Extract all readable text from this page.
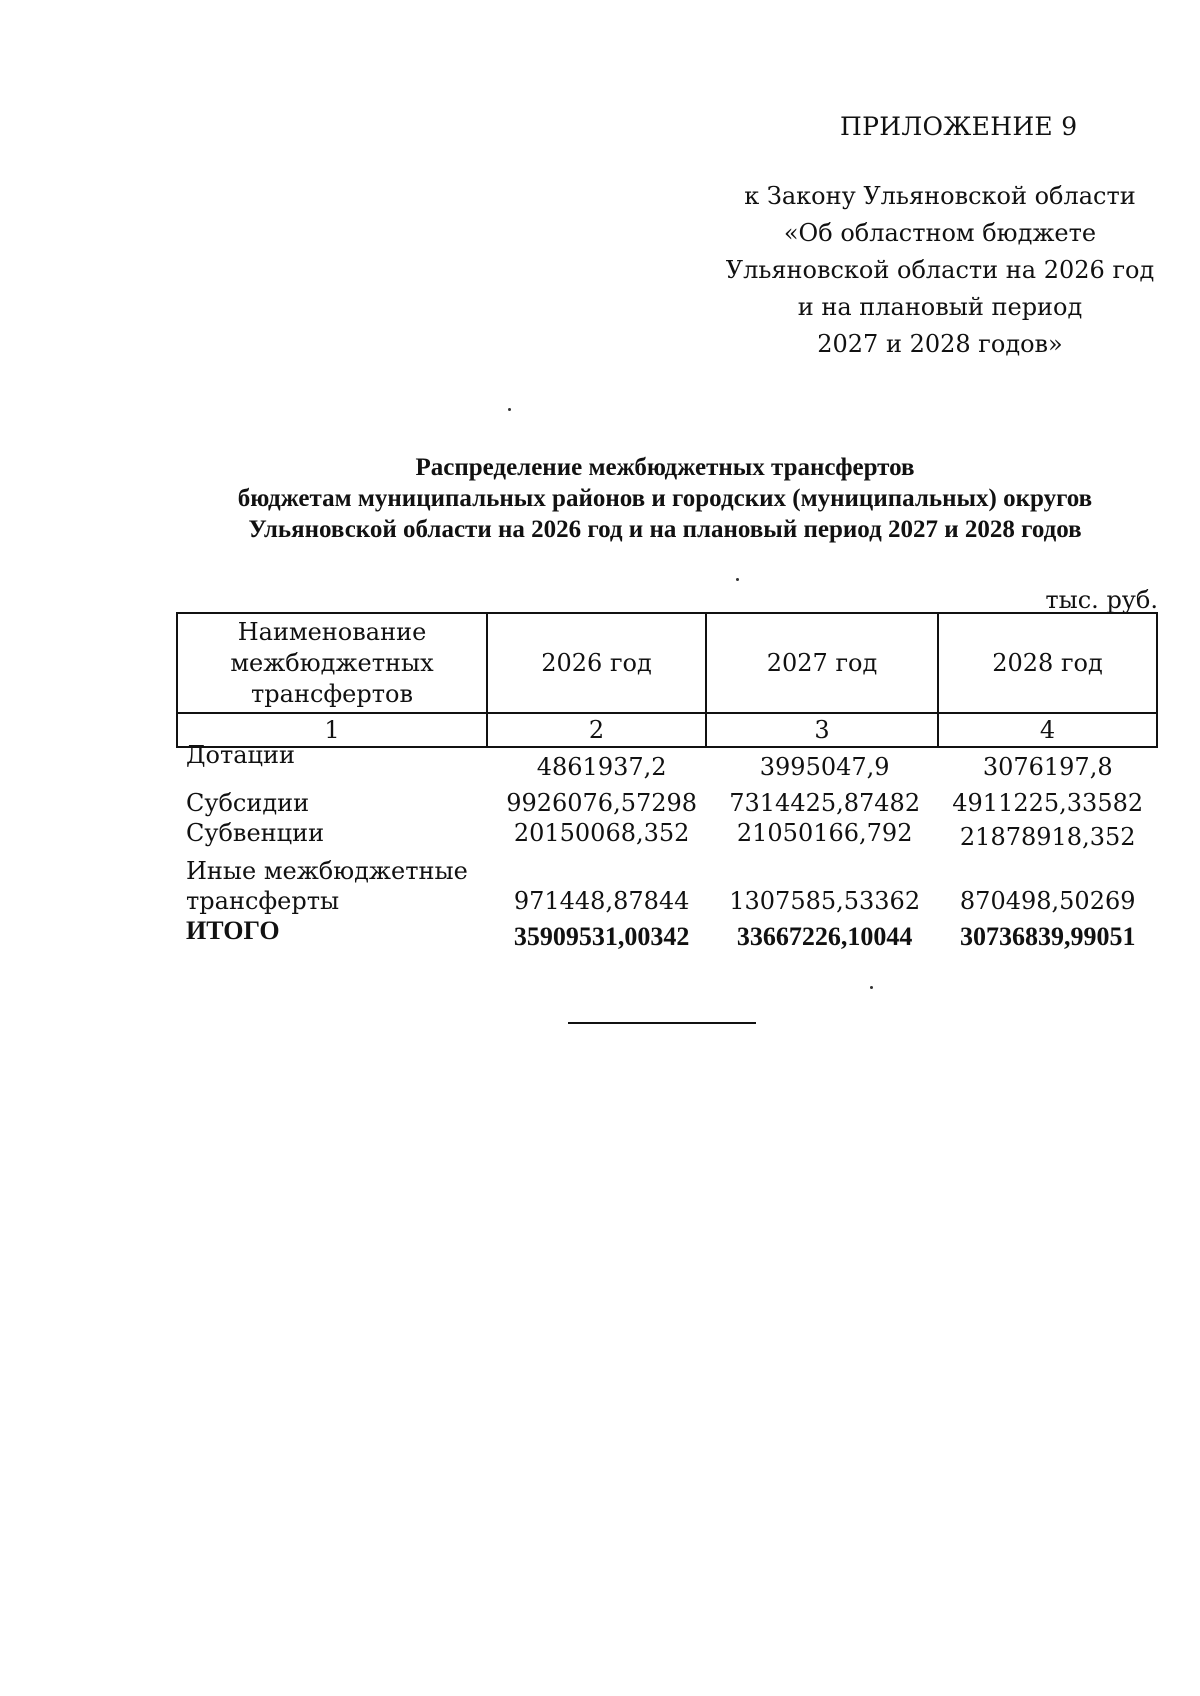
ПРИЛОЖЕНИЕ 9
к Закону Ульяновской области
«Об областном бюджете
Ульяновской области на 2026 год
и на плановый период
2027 и 2028 годов»
Распределение межбюджетных трансфертов
бюджетам муниципальных районов и городских (муниципальных) округов
Ульяновской области на 2026 год и на плановый период 2027 и 2028 годов
тыс. руб.
Наименование
межбюджетных
трансфертов	2026 год	2027 год	2028 год
1	2	3	4
Дотации	4861937,2	3995047,9	3076197,8
Субсидии	9926076,57298	7314425,87482	4911225,33582
Субвенции	20150068,352	21050166,792	21878918,352
Иные межбюджетные
трансферты	971448,87844	1307585,53362	870498,50269
ИТОГО	35909531,00342	33667226,10044	30736839,99051
